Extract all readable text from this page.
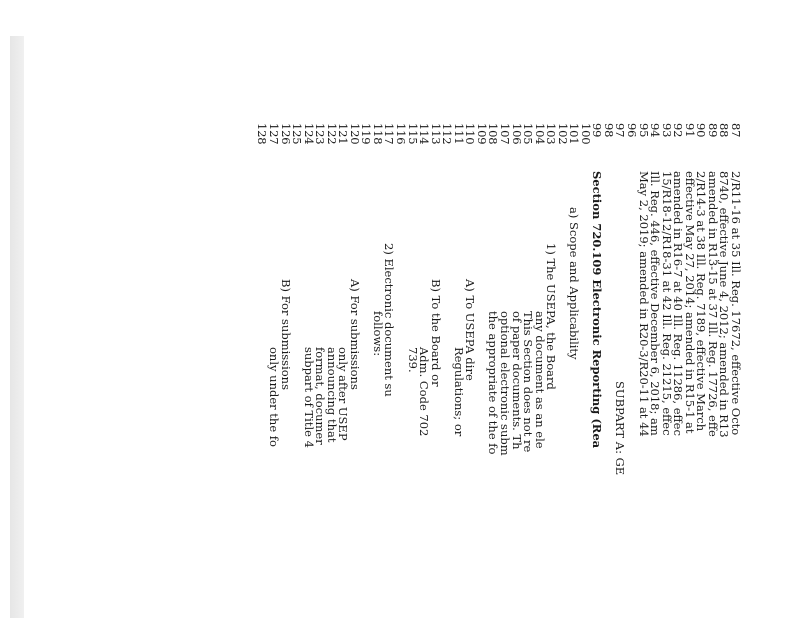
87
2/R11-16 at 35 Ill. Reg. 17672, effective Octo
88
8740, effective June 4, 2012; amended in R13
89
amended in R13-15 at 37 Ill. Reg. 17726, effe
90
2/R14-3 at 38 Ill. Reg. 7189, effective March
91
effective May 27, 2014; amended in R15-1 at
92
amended in R16-7 at 40 Ill. Reg. 11286, effec
93
15/R18-12/R18-31 at 42 Ill. Reg. 21215, effec
94
Ill. Reg. 446, effective December 6, 2018; am
95
May 2, 2019; amended in R20-3/R20-11 at 44
96
97
SUBPART A: GE
98
99
Section 720.109 Electronic Reporting (Rea
100
101
a) Scope and Applicability
102
103
1) The USEPA, the Board
104
any document as an ele
105
This Section does not re
106
of paper documents. Th
107
optional electronic subm
108
the appropriate of the fo
109
110
A) To USEPA dire
111
Regulations; or
112
113
B) To the Board or
114
Adm. Code 702
115
739.
116
117
2) Electronic document su
118
follows:
119
120
A) For submissions
121
only after USEP
122
announcing that
123
format, documer
124
subpart of Title 4
125
126
B) For submissions
127
only under the fo
128
